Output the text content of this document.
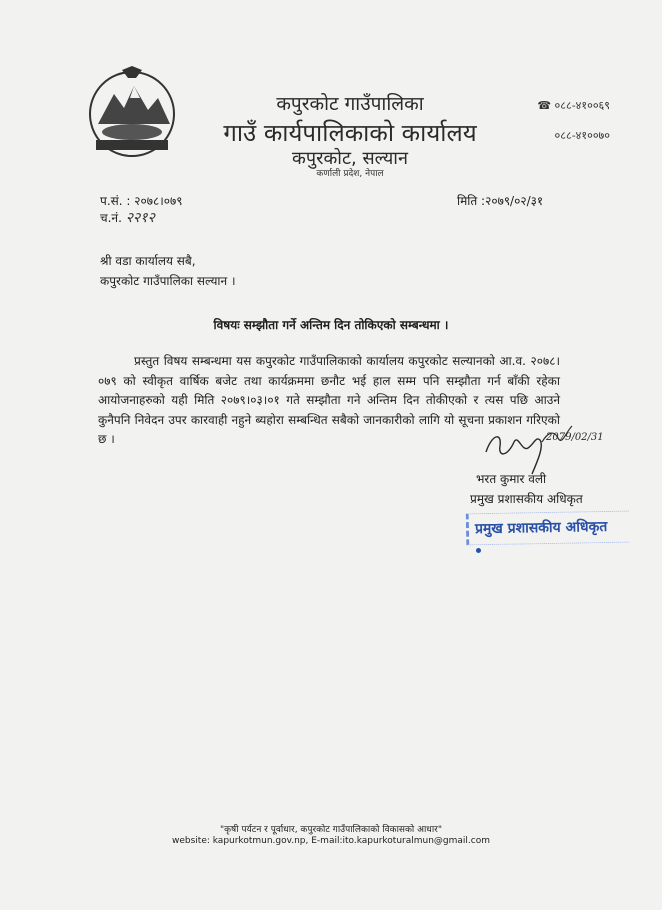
कपुरकोट गाउँपालिका
गाउँ कार्यपालिकाको कार्यालय
कपुरकोट, सल्यान
कर्णाली प्रदेश, नेपाल
☎ ०८८-४१००६९
०८८-४१००७०
प.सं. : २०७८।०७९
च.नं. २२१२
मिति :२०७९/०२/३१
श्री वडा कार्यालय सबै,
कपुरकोट गाउँपालिका सल्यान ।
विषयः सम्झौता गर्ने अन्तिम दिन तोकिएको सम्बन्धमा ।
प्रस्तुत विषय सम्बन्धमा यस कपुरकोट गाउँपालिकाको कार्यालय कपुरकोट सल्यानको आ.व. २०७८।०७९ को स्वीकृत वार्षिक बजेट तथा कार्यक्रममा छनौट भई हाल सम्म पनि सम्झौता गर्न बाँकी रहेका आयोजनाहरुको यही मिति २०७९।०३।०१ गते सम्झौता गने अन्तिम दिन तोकीएको र त्यस पछि आउने कुनैपनि निवेदन उपर कारवाही नहुने ब्यहोरा सम्बन्धित सबैको जानकारीको लागि यो सूचना प्रकाशन गरिएको छ ।	2079/02/31
भरत कुमार वली
प्रमुख प्रशासकीय अधिकृत
प्रमुख प्रशासकीय अधिकृत
"कृषी पर्यटन र पूर्वाधार, कपुरकोट गाउँपालिकाको विकासको आधार"
website: kapurkotmun.gov.np, E-mail:ito.kapurkoturalmun@gmail.com
